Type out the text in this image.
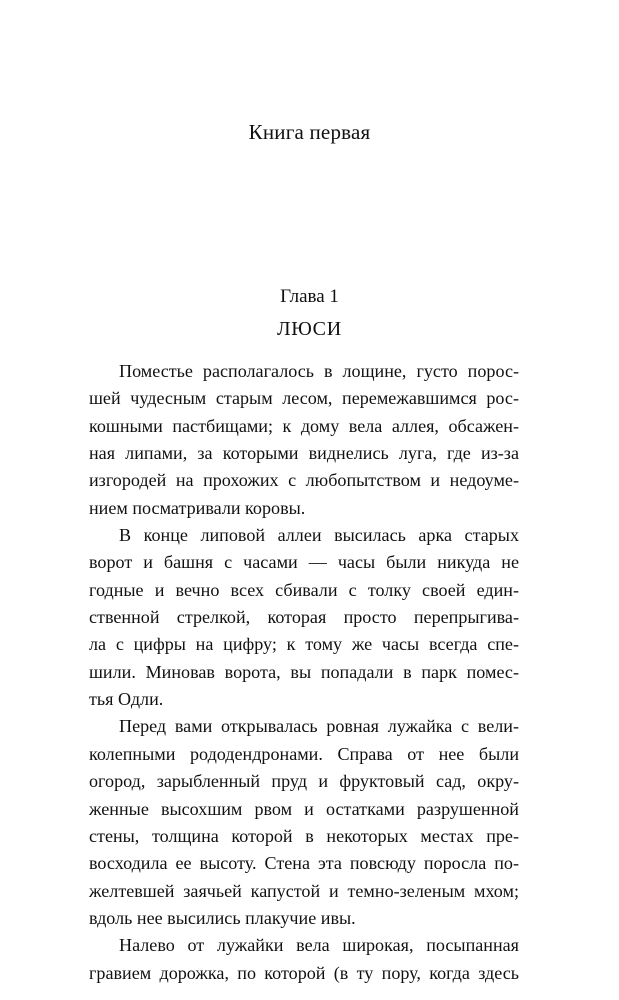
Книга первая
Глава 1
ЛЮСИ
Поместье располагалось в лощине, густо порос-
шей чудесным старым лесом, перемежавшимся рос-
кошными пастбищами; к дому вела аллея, обсажен-
ная липами, за которыми виднелись луга, где из-за
изгородей на прохожих с любопытством и недоуме-
нием посматривали коровы.
В конце липовой аллеи высилась арка старых
ворот и башня с часами — часы были никуда не
годные и вечно всех сбивали с толку своей един-
ственной стрелкой, которая просто перепрыгива-
ла с цифры на цифру; к тому же часы всегда спе-
шили. Миновав ворота, вы попадали в парк помес-
тья Одли.
Перед вами открывалась ровная лужайка с вели-
колепными рододендронами. Справа от нее были
огород, зарыбленный пруд и фруктовый сад, окру-
женные высохшим рвом и остатками разрушенной
стены, толщина которой в некоторых местах пре-
восходила ее высоту. Стена эта повсюду поросла по-
желтевшей заячьей капустой и темно-зеленым мхом;
вдоль нее высились плакучие ивы.
Налево от лужайки вела широкая, посыпанная
гравием дорожка, по которой (в ту пору, когда здесь
